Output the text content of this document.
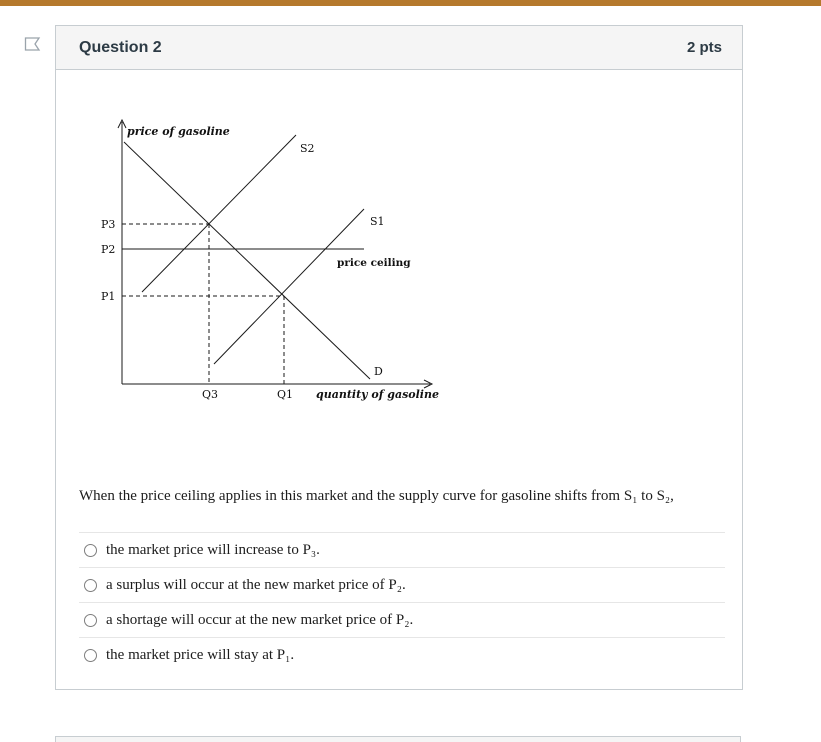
Question 2	2 pts
price of gasoline
quantity of gasoline
S2
S1
D
price ceiling
P3
P2
P1
Q3	Q1
When the price ceiling applies in this market and the supply curve for gasoline shifts from S₁ to S₂,
the market price will increase to P₃.
a surplus will occur at the new market price of P₂.
a shortage will occur at the new market price of P₂.
the market price will stay at P₁.
